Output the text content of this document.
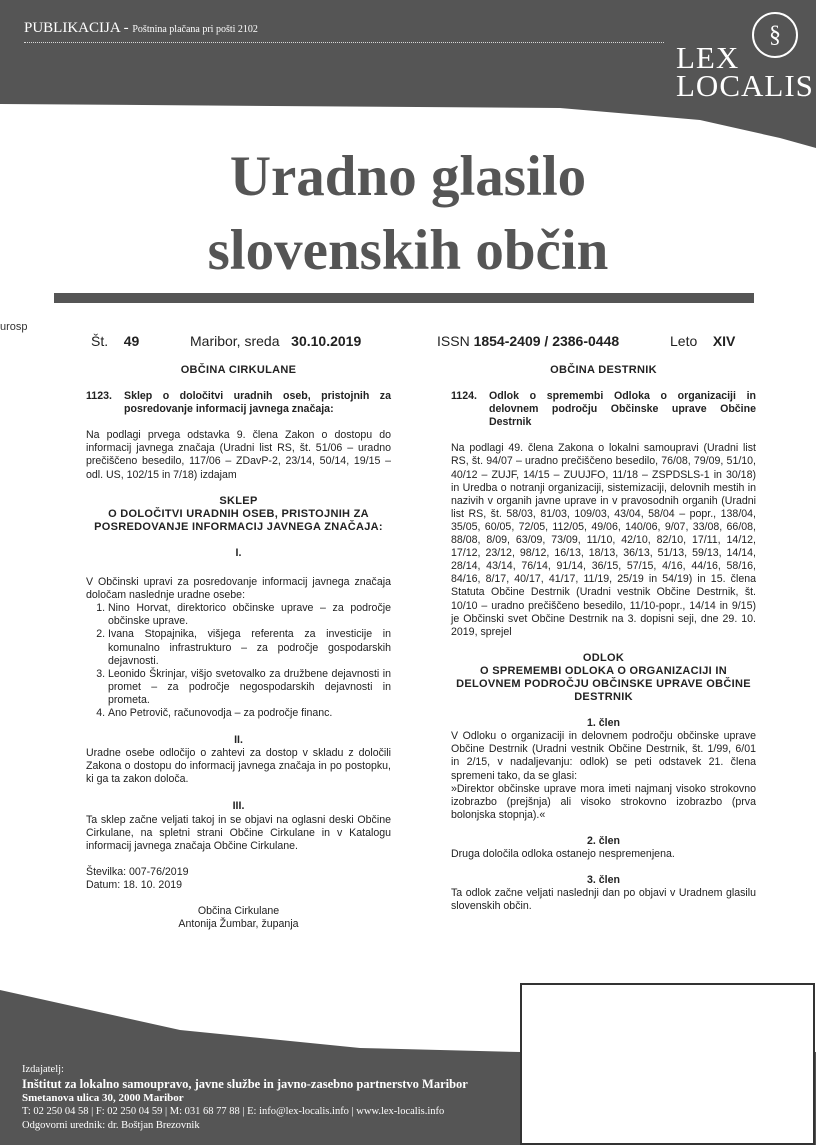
PUBLIKACIJA - Poštnina plačana pri pošti 2102	§
LEX
LOCALIS
Uradno glasilo
slovenskih občin
urosp
Št. 49	Maribor, sreda 30.10.2019	ISSN 1854-2409 / 2386-0448	Leto XIV

OBČINA CIRKULANE

1123.	Sklep o določitvi uradnih oseb, pristojnih za posredovanje informacij javnega značaja:

Na podlagi prvega odstavka 9. člena Zakon o dostopu do informacij javnega značaja (Uradni list RS, št. 51/06 – uradno prečiščeno besedilo, 117/06 – ZDavP-2, 23/14, 50/14, 19/15 – odl. US, 102/15 in 7/18) izdajam

SKLEP

O DOLOČITVI URADNIH OSEB, PRISTOJNIH ZA POSREDOVANJE INFORMACIJ JAVNEGA ZNAČAJA:

I.

V Občinski upravi za posredovanje informacij javnega značaja določam naslednje uradne osebe:

1. Nino Horvat, direktorico občinske uprave – za področje občinske uprave.
2. Ivana Stopajnika, višjega referenta za investicije in komunalno infrastrukturo – za področje gospodarskih dejavnosti.
3. Leonido Škrinjar, višjo svetovalko za družbene dejavnosti in promet – za področje negospodarskih dejavnosti in prometa.
4. Ano Petrovič, računovodja – za področje financ.

II.

Uradne osebe odločijo o zahtevi za dostop v skladu z določili Zakona o dostopu do informacij javnega značaja in po postopku, ki ga ta zakon določa.

III.

Ta sklep začne veljati takoj in se objavi na oglasni deski Občine Cirkulane, na spletni strani Občine Cirkulane in v Katalogu informacij javnega značaja Občine Cirkulane.

Številka: 007-76/2019

Datum: 18. 10. 2019

Občina Cirkulane

Antonija Žumbar, županja

OBČINA DESTRNIK

1124.	Odlok o spremembi Odloka o organizaciji in delovnem področju Občinske uprave Občine Destrnik

Na podlagi 49. člena Zakona o lokalni samoupravi (Uradni list RS, št. 94/07 – uradno prečiščeno besedilo, 76/08, 79/09, 51/10, 40/12 – ZUJF, 14/15 – ZUUJFO, 11/18 – ZSPDSLS-1 in 30/18) in Uredba o notranji organizaciji, sistemizaciji, delovnih mestih in nazivih v organih javne uprave in v pravosodnih organih (Uradni list RS, št. 58/03, 81/03, 109/03, 43/04, 58/04 – popr., 138/04, 35/05, 60/05, 72/05, 112/05, 49/06, 140/06, 9/07, 33/08, 66/08, 88/08, 8/09, 63/09, 73/09, 11/10, 42/10, 82/10, 17/11, 14/12, 17/12, 23/12, 98/12, 16/13, 18/13, 36/13, 51/13, 59/13, 14/14, 28/14, 43/14, 76/14, 91/14, 36/15, 57/15, 4/16, 44/16, 58/16, 84/16, 8/17, 40/17, 41/17, 11/19, 25/19 in 54/19) in 15. člena Statuta Občine Destrnik (Uradni vestnik Občine Destrnik, št. 10/10 – uradno prečiščeno besedilo, 11/10-popr., 14/14 in 9/15) je Občinski svet Občine Destrnik na 3. dopisni seji, dne 29. 10. 2019, sprejel

ODLOK

O SPREMEMBI ODLOKA O ORGANIZACIJI IN DELOVNEM PODROČJU OBČINSKE UPRAVE OBČINE DESTRNIK

1. člen

V Odloku o organizaciji in delovnem področju občinske uprave Občine Destrnik (Uradni vestnik Občine Destrnik, št. 1/99, 6/01 in 2/15, v nadaljevanju: odlok) se peti odstavek 21. člena spremeni tako, da se glasi:

»Direktor občinske uprave mora imeti najmanj visoko strokovno izobrazbo (prejšnja) ali visoko strokovno izobrazbo (prva bolonjska stopnja).«

2. člen

Druga določila odloka ostanejo nespremenjena.

3. člen

Ta odlok začne veljati naslednji dan po objavi v Uradnem glasilu slovenskih občin.

Izdajatelj:
Inštitut za lokalno samoupravo, javne službe in javno-zasebno partnerstvo Maribor
Smetanova ulica 30, 2000 Maribor
T: 02 250 04 58 | F: 02 250 04 59 | M: 031 68 77 88 | E: info@lex-localis.info | www.lex-localis.info
Odgovorni urednik: dr. Boštjan Brezovnik
